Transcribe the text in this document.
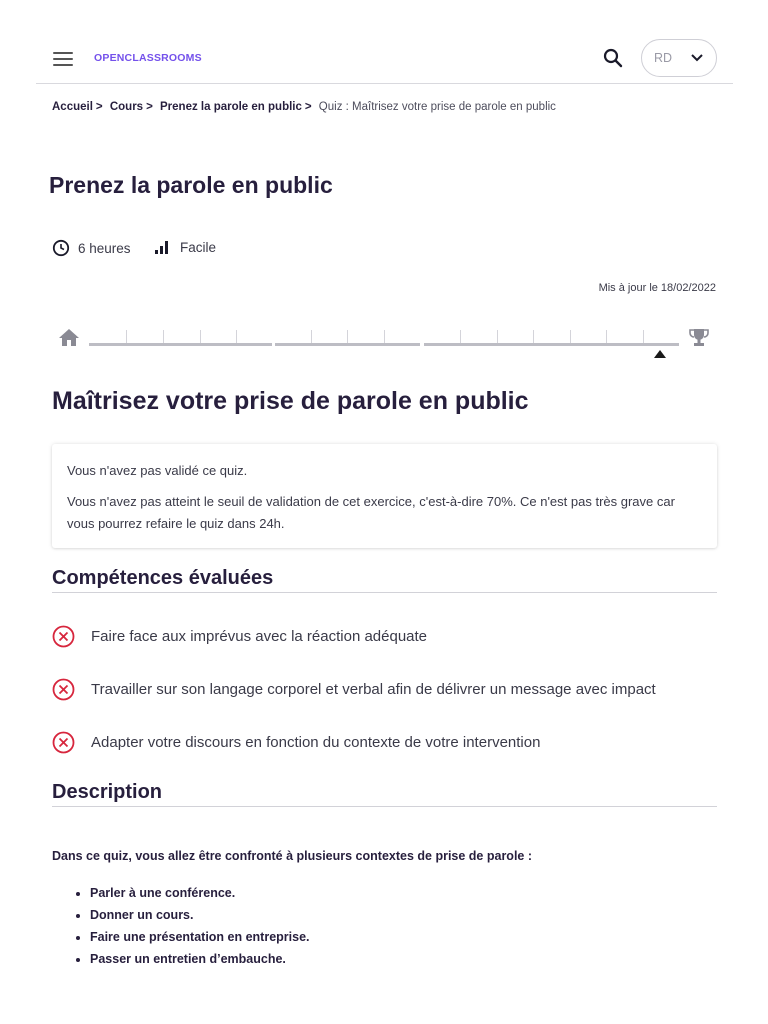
OPENCLASSROOMS	RD
Accueil > Cours > Prenez la parole en public > Quiz : Maîtrisez votre prise de parole en public
Prenez la parole en public
6 heures	Facile
Mis à jour le 18/02/2022
Maîtrisez votre prise de parole en public

Vous n'avez pas validé ce quiz.

Vous n'avez pas atteint le seuil de validation de cet exercice, c'est-à-dire 70%. Ce n'est pas très grave car vous pourrez refaire le quiz dans 24h.

Compétences évaluées
Faire face aux imprévus avec la réaction adéquate
Travailler sur son langage corporel et verbal afin de délivrer un message avec impact
Adapter votre discours en fonction du contexte de votre intervention
Description

Dans ce quiz, vous allez être confronté à plusieurs contextes de prise de parole :

• Parler à une conférence.
• Donner un cours.
• Faire une présentation en entreprise.
• Passer un entretien d’embauche.
